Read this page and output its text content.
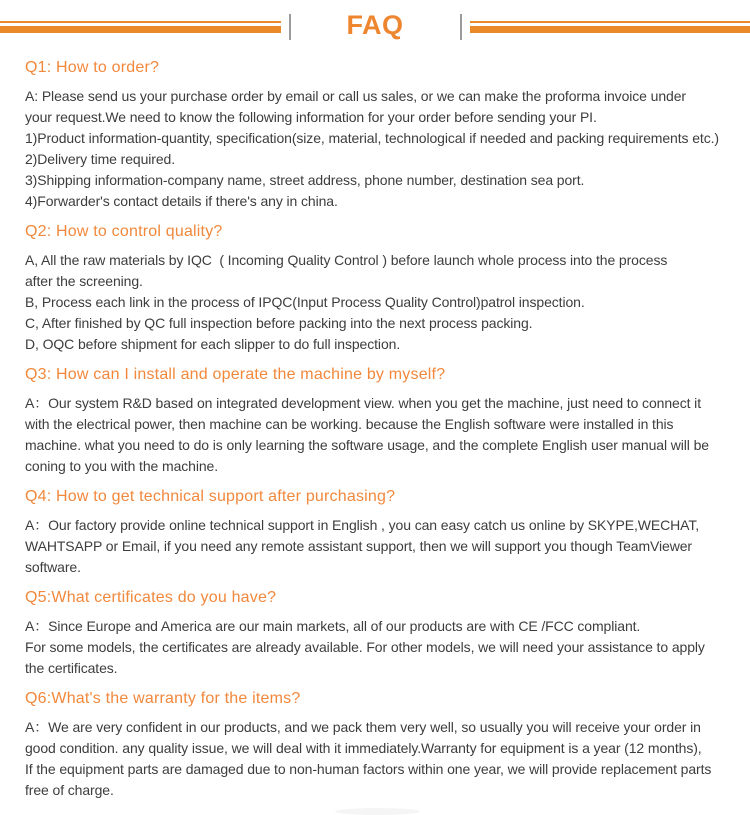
FAQ
Q1: How to order?

A: Please send us your purchase order by email or call us sales, or we can make the proforma invoice under

your request.We need to know the following information for your order before sending your PI.

1)Product information-quantity, specification(size, material, technological if needed and packing requirements etc.)

2)Delivery time required.

3)Shipping information-company name, street address, phone number, destination sea port.

4)Forwarder's contact details if there's any in china.

Q2: How to control quality?

A, All the raw materials by IQC  ( Incoming Quality Control ) before launch whole process into the process

after the screening.

B, Process each link in the process of IPQC(Input Process Quality Control)patrol inspection.

C, After finished by QC full inspection before packing into the next process packing.

D, OQC before shipment for each slipper to do full inspection.

Q3: How can I install and operate the machine by myself?

A：Our system R&D based on integrated development view. when you get the machine, just need to connect it

with the electrical power, then machine can be working. because the English software were installed in this

machine. what you need to do is only learning the software usage, and the complete English user manual will be

coning to you with the machine.

Q4: How to get technical support after purchasing?

A：Our factory provide online technical support in English , you can easy catch us online by SKYPE,WECHAT,

WAHTSAPP or Email, if you need any remote assistant support, then we will support you though TeamViewer

software.

Q5:What certificates do you have?

A：Since Europe and America are our main markets, all of our products are with CE /FCC compliant.

For some models, the certificates are already available. For other models, we will need your assistance to apply

the certificates.

Q6:What's the warranty for the items?

A：We are very confident in our products, and we pack them very well, so usually you will receive your order in

good condition. any quality issue, we will deal with it immediately.Warranty for equipment is a year (12 months),

If the equipment parts are damaged due to non-human factors within one year, we will provide replacement parts

free of charge.
